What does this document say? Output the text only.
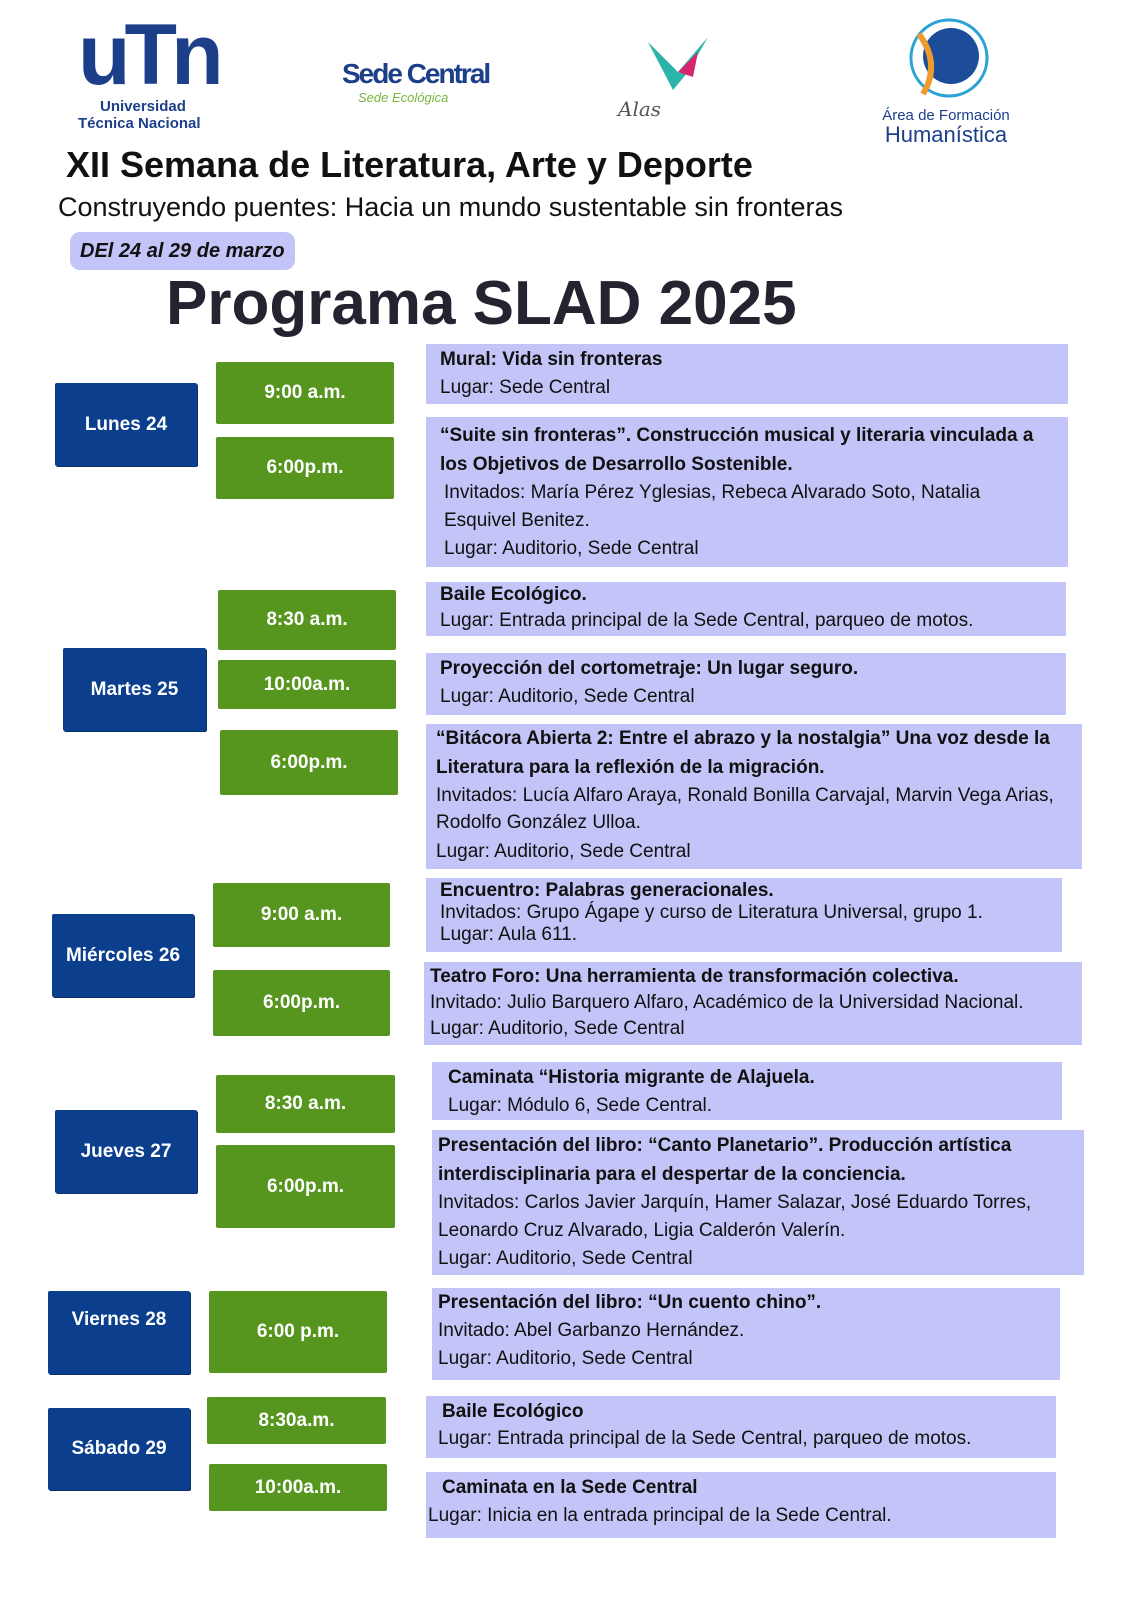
uTn
Universidad
Técnica Nacional
Sede Central
Sede Ecológica	Alas	Área de Formación
Humanística
XII Semana de Literatura, Arte y Deporte
Construyendo puentes: Hacia un mundo sustentable sin fronteras
DEl 24 al 29 de marzo
Programa SLAD 2025
Lunes 24
Martes 25
Miércoles 26
Jueves 27
Viernes 28
Sábado 29
9:00 a.m.
6:00p.m.
8:30 a.m.
10:00a.m.
6:00p.m.
9:00 a.m.
6:00p.m.
8:30 a.m.
6:00p.m.
6:00 p.m.
8:30a.m.
10:00a.m.
Mural: Vida sin fronteras
Lugar: Sede Central
“Suite sin fronteras”. Construcción musical y literaria vinculada a los Objetivos de Desarrollo Sostenible.
Invitados: María Pérez Yglesias, Rebeca Alvarado Soto, Natalia Esquivel Benitez.
Lugar: Auditorio, Sede Central
Baile Ecológico.
Lugar: Entrada principal de la Sede Central, parqueo de motos.
Proyección del cortometraje: Un lugar seguro.
Lugar: Auditorio, Sede Central
“Bitácora Abierta 2: Entre el abrazo y la nostalgia” Una voz desde la Literatura para la reflexión de la migración.
Invitados: Lucía Alfaro Araya, Ronald Bonilla Carvajal, Marvin Vega Arias, Rodolfo González Ulloa.
Lugar: Auditorio, Sede Central
Encuentro: Palabras generacionales.
Invitados: Grupo Ágape y curso de Literatura Universal, grupo 1.
Lugar: Aula 611.
Teatro Foro: Una herramienta de transformación colectiva.
Invitado: Julio Barquero Alfaro, Académico de la Universidad Nacional.
Lugar: Auditorio, Sede Central
Caminata “Historia migrante de Alajuela.
Lugar: Módulo 6, Sede Central.
Presentación del libro: “Canto Planetario”. Producción artística interdisciplinaria para el despertar de la conciencia.
Invitados: Carlos Javier Jarquín, Hamer Salazar, José Eduardo Torres, Leonardo Cruz Alvarado, Ligia Calderón Valerín.
Lugar: Auditorio, Sede Central
Presentación del libro: “Un cuento chino”.
Invitado: Abel Garbanzo Hernández.
Lugar: Auditorio, Sede Central
Baile Ecológico
Lugar: Entrada principal de la Sede Central, parqueo de motos.
Caminata en la Sede Central
Lugar: Inicia en la entrada principal de la Sede Central.
